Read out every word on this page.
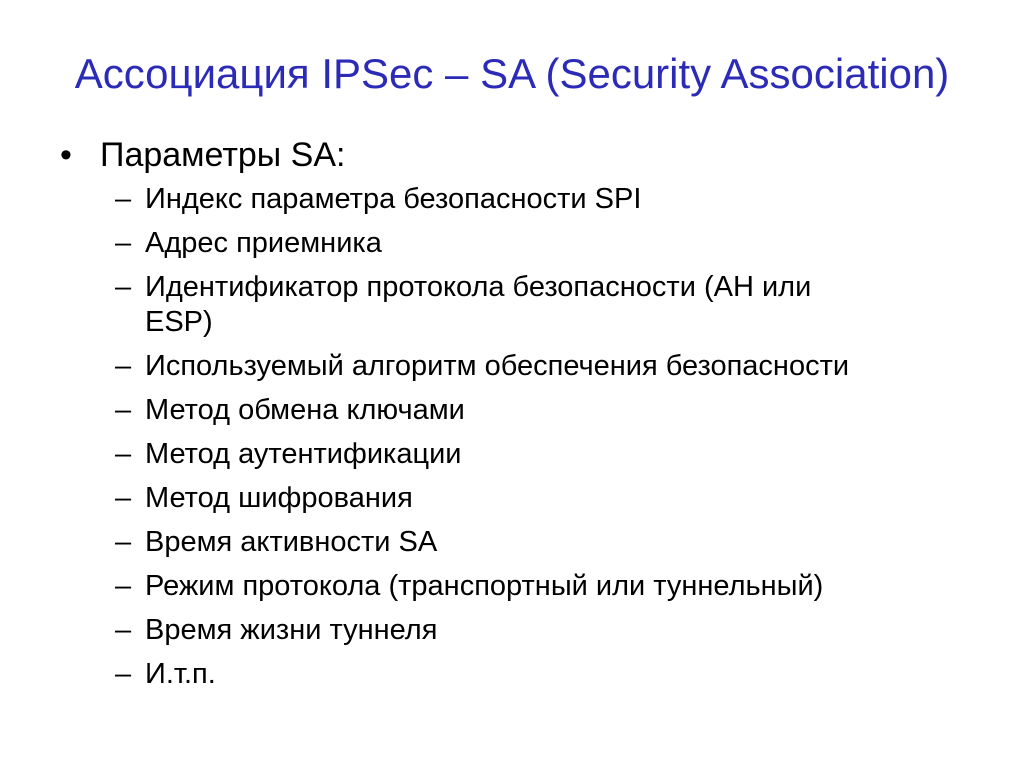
Ассоциация IPSec – SA (Security Association)
• Параметры SA:
– Индекс параметра безопасности SPI
– Адрес приемника
– Идентификатор протокола безопасности (AH или
ESP)
– Используемый алгоритм обеспечения безопасности
– Метод обмена ключами
– Метод аутентификации
– Метод шифрования
– Время активности SA
– Режим протокола (транспортный или туннельный)
– Время жизни туннеля
– И.т.п.
